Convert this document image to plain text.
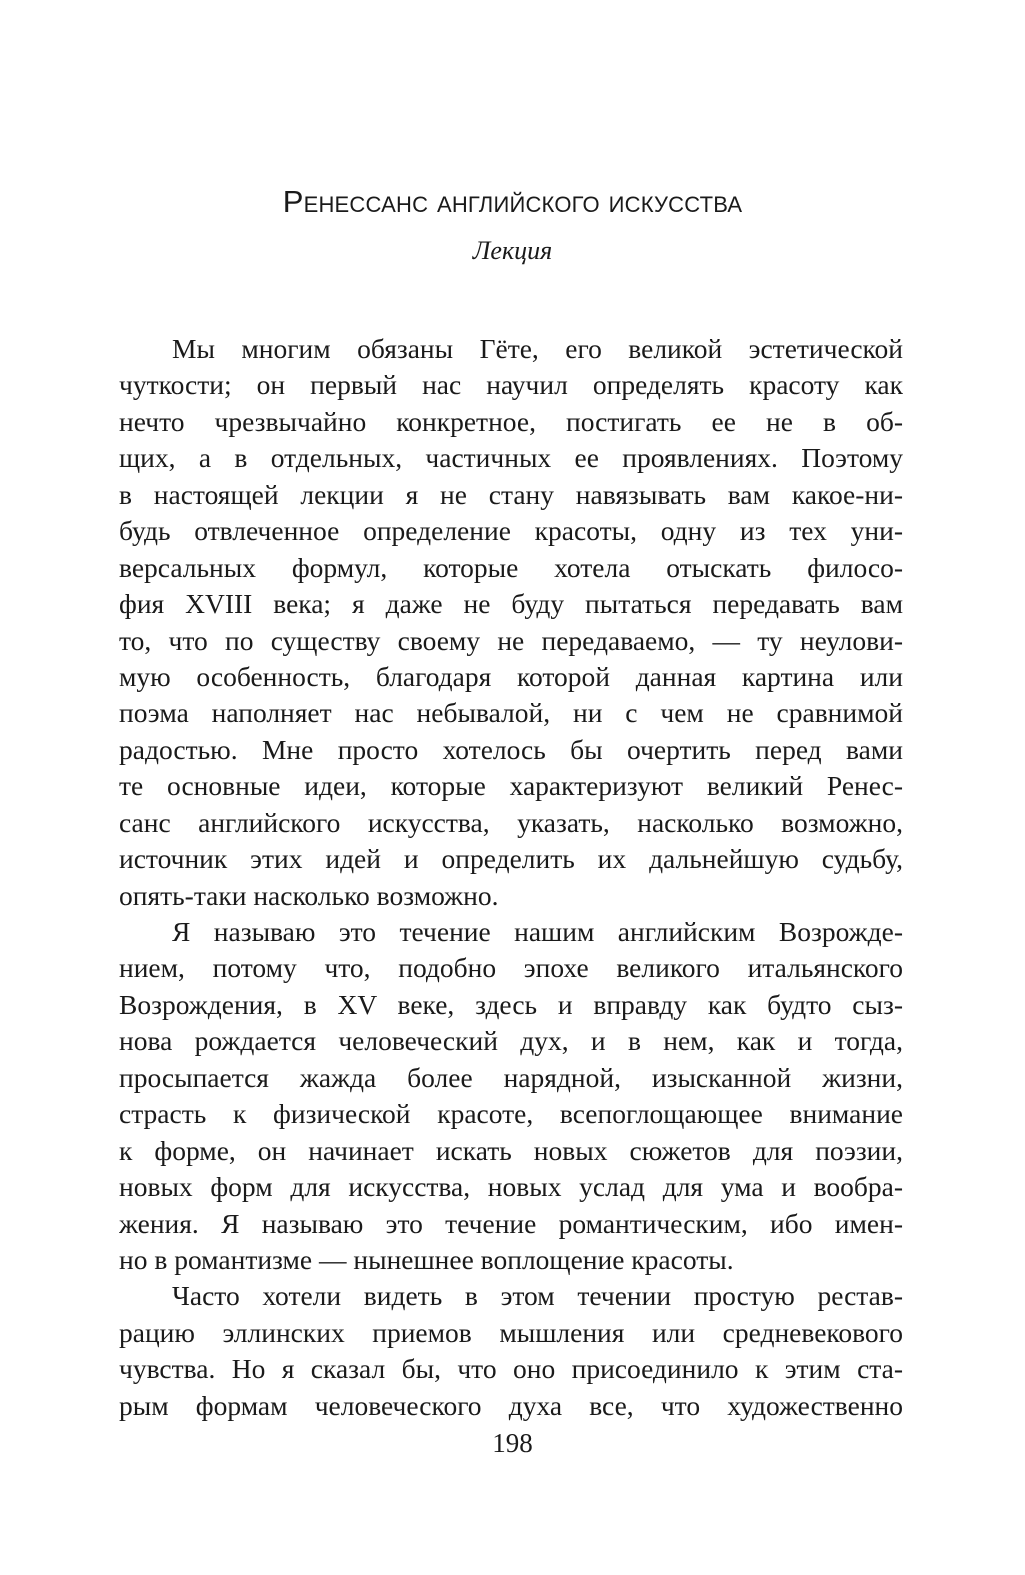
Ренессанс английского искусства
Лекция
Мы многим обязаны Гёте, его великой эстетической
чуткости; он первый нас научил определять красоту как
нечто чрезвычайно конкретное, постигать ее не в об-
щих, а в отдельных, частичных ее проявлениях. Поэтому
в настоящей лекции я не стану навязывать вам какое-ни-
будь отвлеченное определение красоты, одну из тех уни-
версальных формул, которые хотела отыскать филосо-
фия XVIII века; я даже не буду пытаться передавать вам
то, что по существу своему не передаваемо, — ту неулови-
мую особенность, благодаря которой данная картина или
поэма наполняет нас небывалой, ни с чем не сравнимой
радостью. Мне просто хотелось бы очертить перед вами
те основные идеи, которые характеризуют великий Ренес-
санс английского искусства, указать, насколько возможно,
источник этих идей и определить их дальнейшую судьбу,
опять-таки насколько возможно.
Я называю это течение нашим английским Возрожде-
нием, потому что, подобно эпохе великого итальянского
Возрождения, в XV веке, здесь и вправду как будто сыз-
нова рождается человеческий дух, и в нем, как и тогда,
просыпается жажда более нарядной, изысканной жизни,
страсть к физической красоте, всепоглощающее внимание
к форме, он начинает искать новых сюжетов для поэзии,
новых форм для искусства, новых услад для ума и вообра-
жения. Я называю это течение романтическим, ибо имен-
но в романтизме — нынешнее воплощение красоты.
Часто хотели видеть в этом течении простую рестав-
рацию эллинских приемов мышления или средневекового
чувства. Но я сказал бы, что оно присоединило к этим ста-
рым формам человеческого духа все, что художественно
198
